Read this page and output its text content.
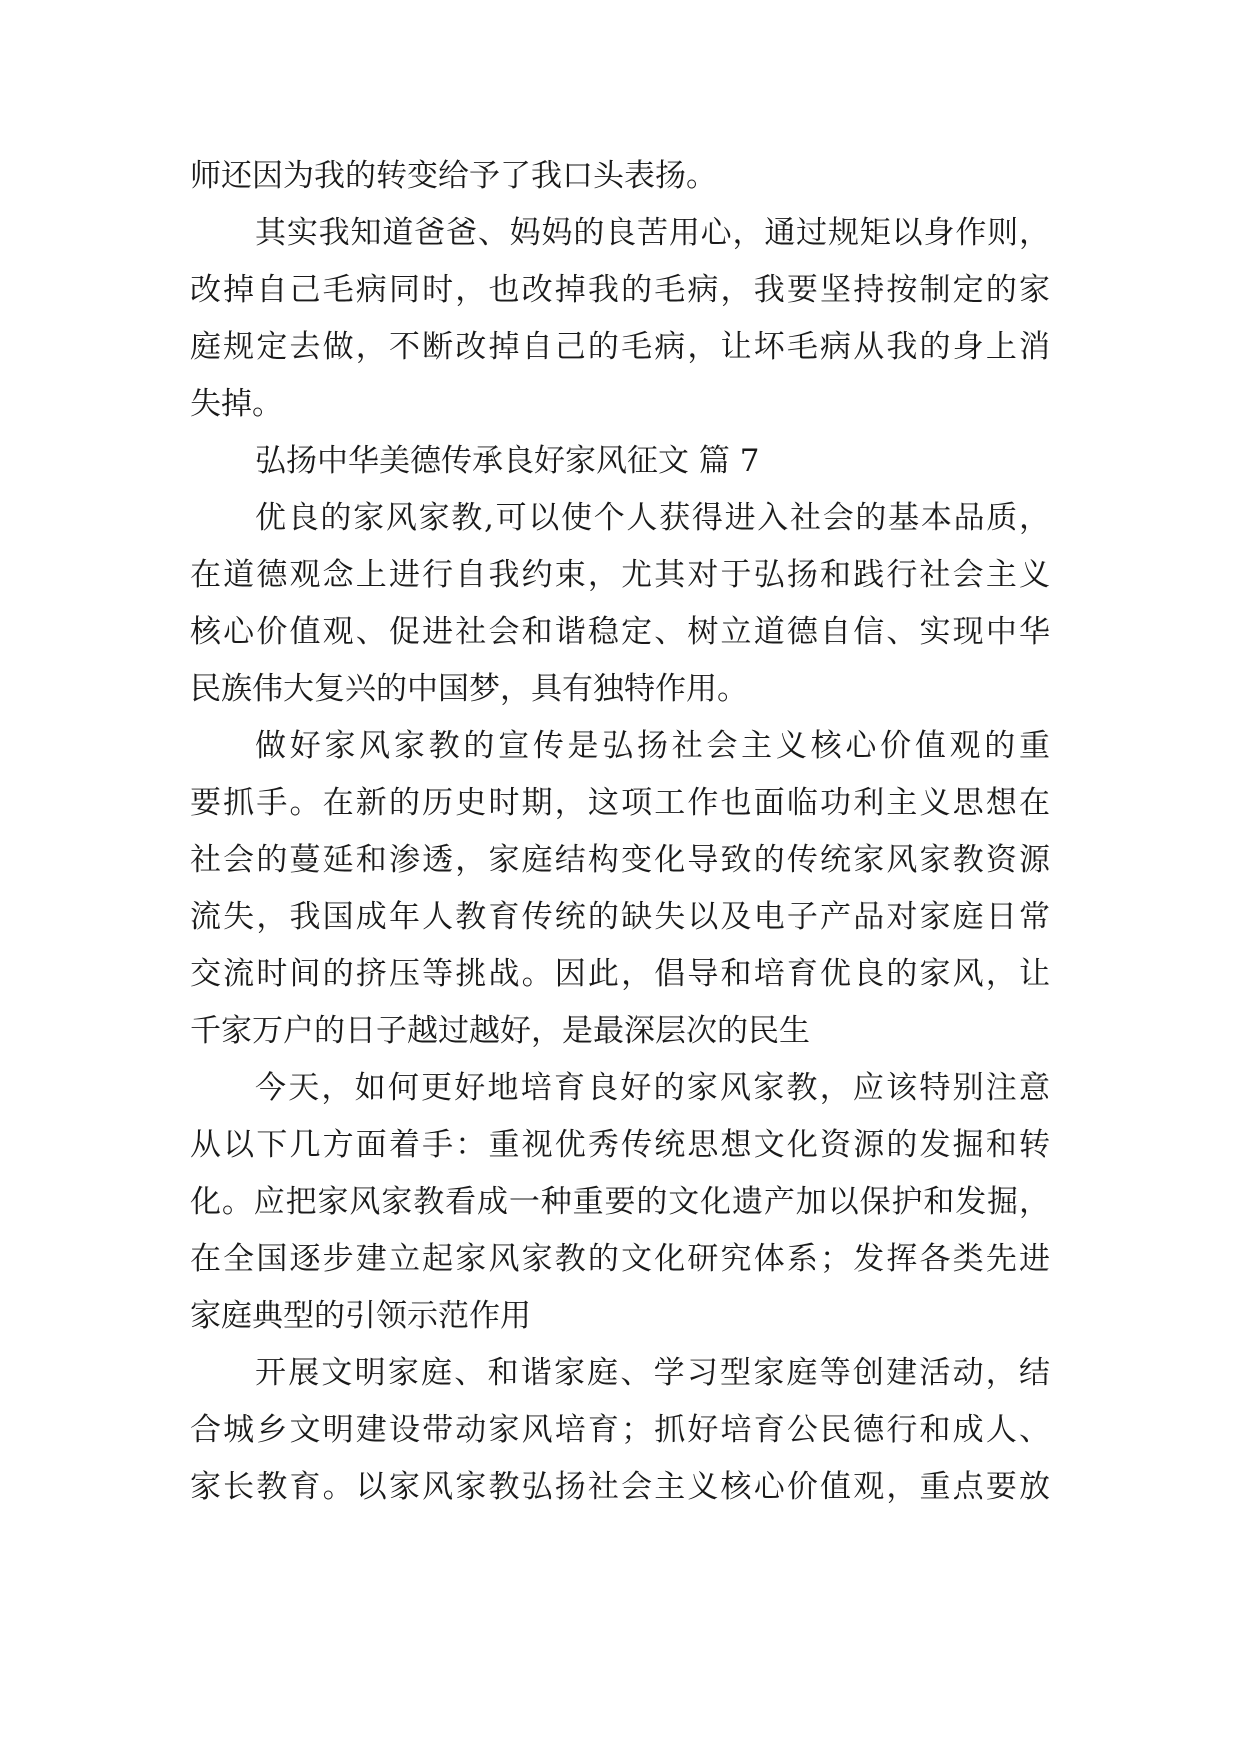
师还因为我的转变给予了我口头表扬。
其实我知道爸爸、妈妈的良苦用心，通过规矩以身作则，
改掉自己毛病同时，也改掉我的毛病，我要坚持按制定的家
庭规定去做，不断改掉自己的毛病，让坏毛病从我的身上消
失掉。
弘扬中华美德传承良好家风征文 篇 7
优良的家风家教,可以使个人获得进入社会的基本品质，
在道德观念上进行自我约束，尤其对于弘扬和践行社会主义
核心价值观、促进社会和谐稳定、树立道德自信、实现中华
民族伟大复兴的中国梦，具有独特作用。
做好家风家教的宣传是弘扬社会主义核心价值观的重
要抓手。在新的历史时期，这项工作也面临功利主义思想在
社会的蔓延和渗透，家庭结构变化导致的传统家风家教资源
流失，我国成年人教育传统的缺失以及电子产品对家庭日常
交流时间的挤压等挑战。因此，倡导和培育优良的家风，让
千家万户的日子越过越好，是最深层次的民生
今天，如何更好地培育良好的家风家教，应该特别注意
从以下几方面着手：重视优秀传统思想文化资源的发掘和转
化。应把家风家教看成一种重要的文化遗产加以保护和发掘，
在全国逐步建立起家风家教的文化研究体系；发挥各类先进
家庭典型的引领示范作用
开展文明家庭、和谐家庭、学习型家庭等创建活动，结
合城乡文明建设带动家风培育；抓好培育公民德行和成人、
家长教育。以家风家教弘扬社会主义核心价值观，重点要放
